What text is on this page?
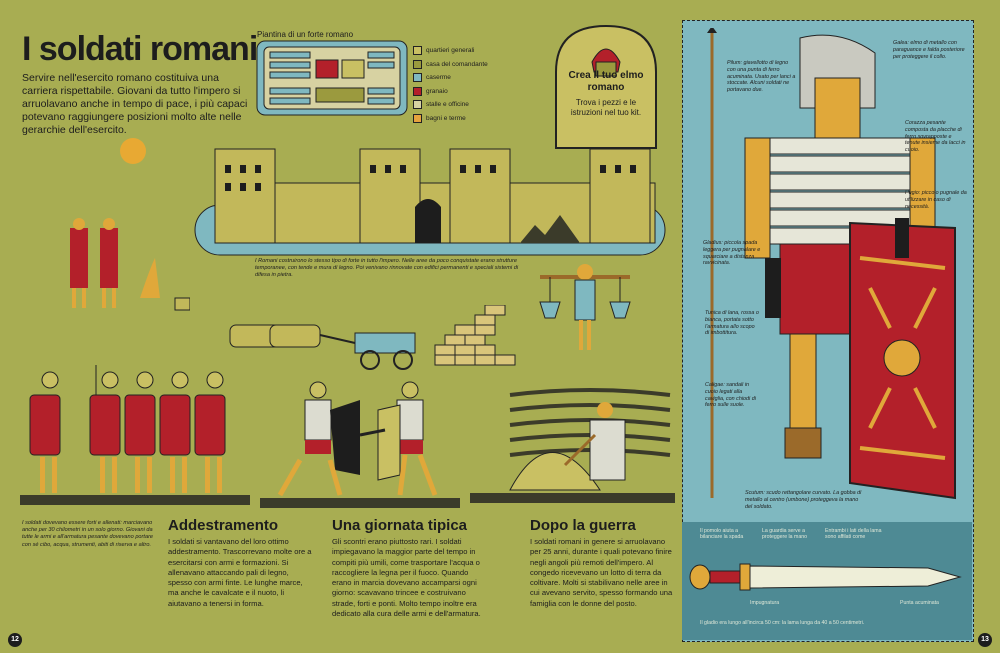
I soldati romani
Servire nell'esercito romano costituiva una carriera rispettabile. Giovani da tutto l'impero si arruolavano anche in tempo di pace, i più capaci potevano raggiungere posizioni molto alte nelle gerarchie dell'esercito.
Piantina di un forte romano
quartieri generali
casa del comandante
caserme
granaio
stalle e officine
bagni e terme
Crea il tuo elmo romano
Trova i pezzi e le istruzioni nel tuo kit.
I Romani costruirono lo stesso tipo di forte in tutto l'impero. Nelle aree da poco conquistate erano strutture temporanee, con tende e mura di legno. Poi venivano rinnovate con edifici permanenti e speciali sistemi di difesa in pietra.
I soldati dovevano essere forti e allenati: marciavano anche per 30 chilometri in un solo giorno. Giovani da tutte le armi e all'armatura pesante dovevano portare con sé cibo, acqua, strumenti, abiti di riserva e altro.
Addestramento
I soldati si vantavano del loro ottimo addestramento. Trascorrevano molte ore a esercitarsi con armi e formazioni. Si allenavano attaccando pali di legno, spesso con armi finte. Le lunghe marce, ma anche le cavalcate e il nuoto, li aiutavano a tenersi in forma.
Una giornata tipica
Gli scontri erano piuttosto rari. I soldati impiegavano la maggior parte del tempo in compiti più umili, come trasportare l'acqua o raccogliere la legna per il fuoco. Quando erano in marcia dovevano accamparsi ogni giorno: scavavano trincee e costruivano strade, forti e ponti. Molto tempo inoltre era dedicato alla cura delle armi e dell'armatura.
Dopo la guerra
I soldati romani in genere si arruolavano per 25 anni, durante i quali potevano finire negli angoli più remoti dell'impero. Al congedo ricevevano un lotto di terra da coltivare. Molti si stabilivano nelle aree in cui avevano servito, spesso formando una famiglia con le donne del posto.
Pilum: giavellotto di legno con una punta di ferro acuminata. Usato per lanci a stoccate. Alcuni soldati ne portavano due.
Galea: elmo di metallo con paraguance e falda posteriore per proteggere il collo.
Corazza pesante composta da placche di ferro sovrapposte e tenute insieme da lacci in cuoio.
Pugio: piccolo pugnale da utilizzare in caso di necessità.
Gladius: piccola spada leggera per pugnalare e squarciare a distanza ravvicinata.
Tunica di lana, rossa o bianca, portata sotto l'armatura allo scopo di imbottitura.
Caligae: sandali in cuoio legati alla caviglia, con chiodi di ferro sulle suole.
Scutum: scudo rettangolare curvato. La gobba di metallo al centro (umbone) proteggeva la mano del soldato.
Il pomolo aiuta a bilanciare la spada
La guardia serve a proteggere la mano
Entrambi i lati della lama sono affilati come
Impugnatura	Punta acuminata
Il gladio era lungo all'incirca 50 cm: la lama lunga da 40 a 50 centimetri.
12	13
